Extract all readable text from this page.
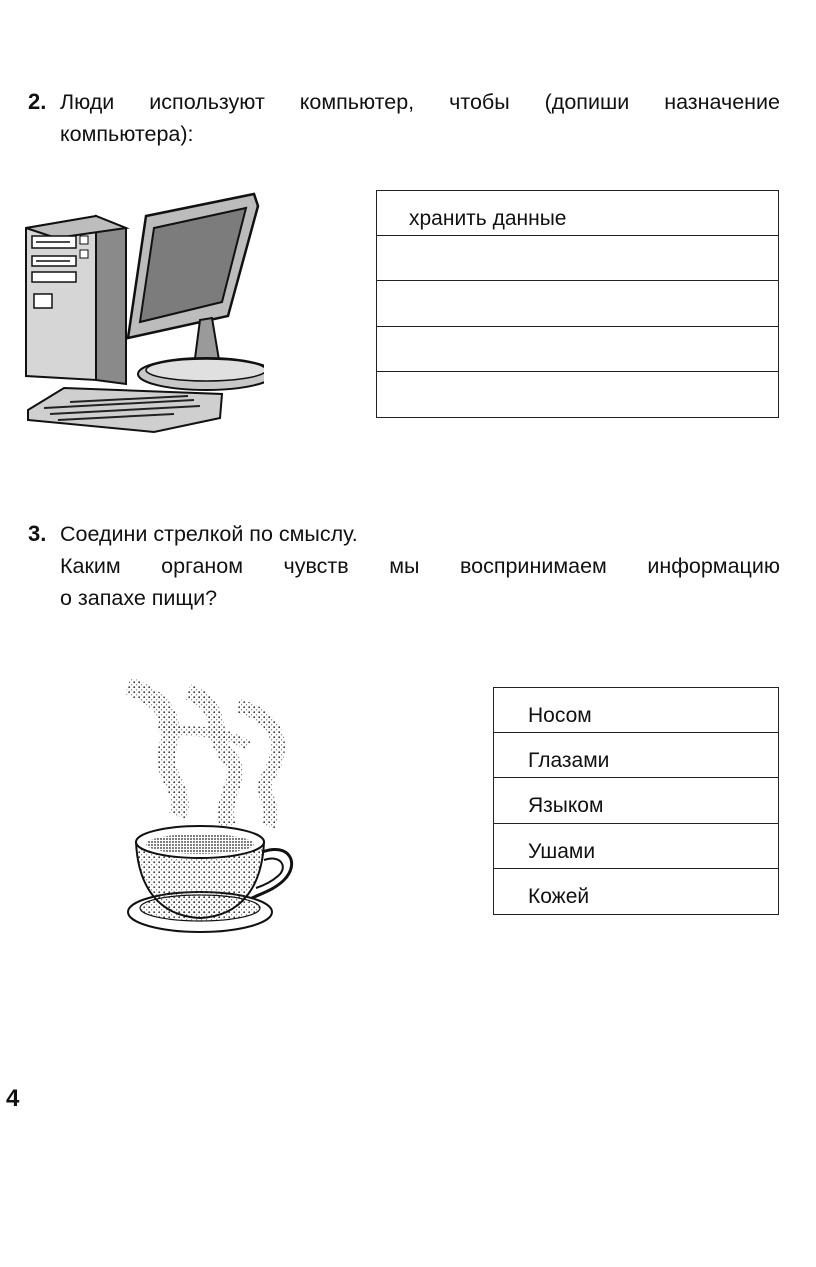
2. Люди используют компьютер, чтобы (допиши назначение
компьютера):
хранить данные
3. Соедини стрелкой по смыслу.
Каким органом чувств мы воспринимаем информацию
о запахе пищи?
Носом
Глазами
Языком
Ушами
Кожей
4
